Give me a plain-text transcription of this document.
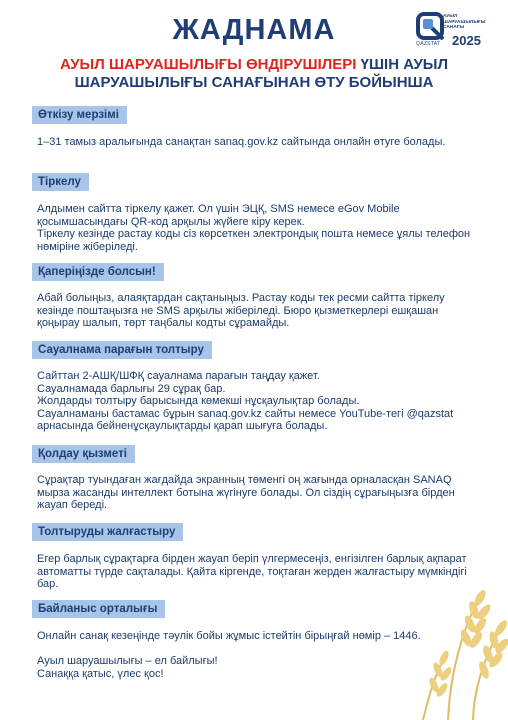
ЖАДНАМА	АУЫЛ ШАРУАШЫЛЫҒЫ САНАҒЫ
2025
QAZSTAT
АУЫЛ ШАРУАШЫЛЫҒЫ ӨНДІРУШІЛЕРІ ҮШІН АУЫЛ ШАРУАШЫЛЫҒЫ САНАҒЫНАН ӨТУ БОЙЫНША
Өткізу мерзімі

1–31 тамыз аралығында санақтан sanaq.gov.kz сайтында онлайн өтуге болады.

Тіркелу

Алдымен сайтта тіркелу қажет. Ол үшін ЭЦҚ, SMS немесе eGov Mobile қосымшасындағы QR-код арқылы жүйеге кіру керек.

Тіркелу кезінде растау коды сіз көрсеткен электрондық пошта немесе ұялы телефон нөміріне жіберіледі.

Қаперіңізде болсын!

Абай болыңыз, алаяқтардан сақтаныңыз. Растау коды тек ресми сайтта тіркелу кезінде поштаңызға не SMS арқылы жіберіледі. Бюро қызметкерлері ешқашан қоңырау шалып, төрт таңбалы кодты сұрамайды.

Сауалнама парағын толтыру

Сайттан 2-АШҚ/ШФҚ сауалнама парағын таңдау қажет.

Сауалнамада барлығы 29 сұрақ бар.

Жолдарды толтыру барысында көмекші нұсқаулықтар болады.

Сауалнаманы бастамас бұрын sanaq.gov.kz сайты немесе YouTube-тегі @qazstat арнасында бейненұсқаулықтарды қарап шығуға болады.

Қолдау қызметі

Сұрақтар туындаған жағдайда экранның төменгі оң жағында орналасқан SANAQ мырза жасанды интеллект ботына жүгінуге болады. Ол сіздің сұрағыңызға бірден жауап береді.

Толтыруды жалғастыру

Егер барлық сұрақтарға бірден жауап беріп үлгермесеңіз, енгізілген барлық ақпарат автоматты түрде сақталады. Қайта кіргенде, тоқтаған жерден жалғастыру мүмкіндігі бар.

Байланыс орталығы

Онлайн санақ кезеңінде тәулік бойы жұмыс істейтін бірыңғай нөмір – 1446.

Ауыл шаруашылығы – ел байлығы!

Санаққа қатыс, үлес қос!
